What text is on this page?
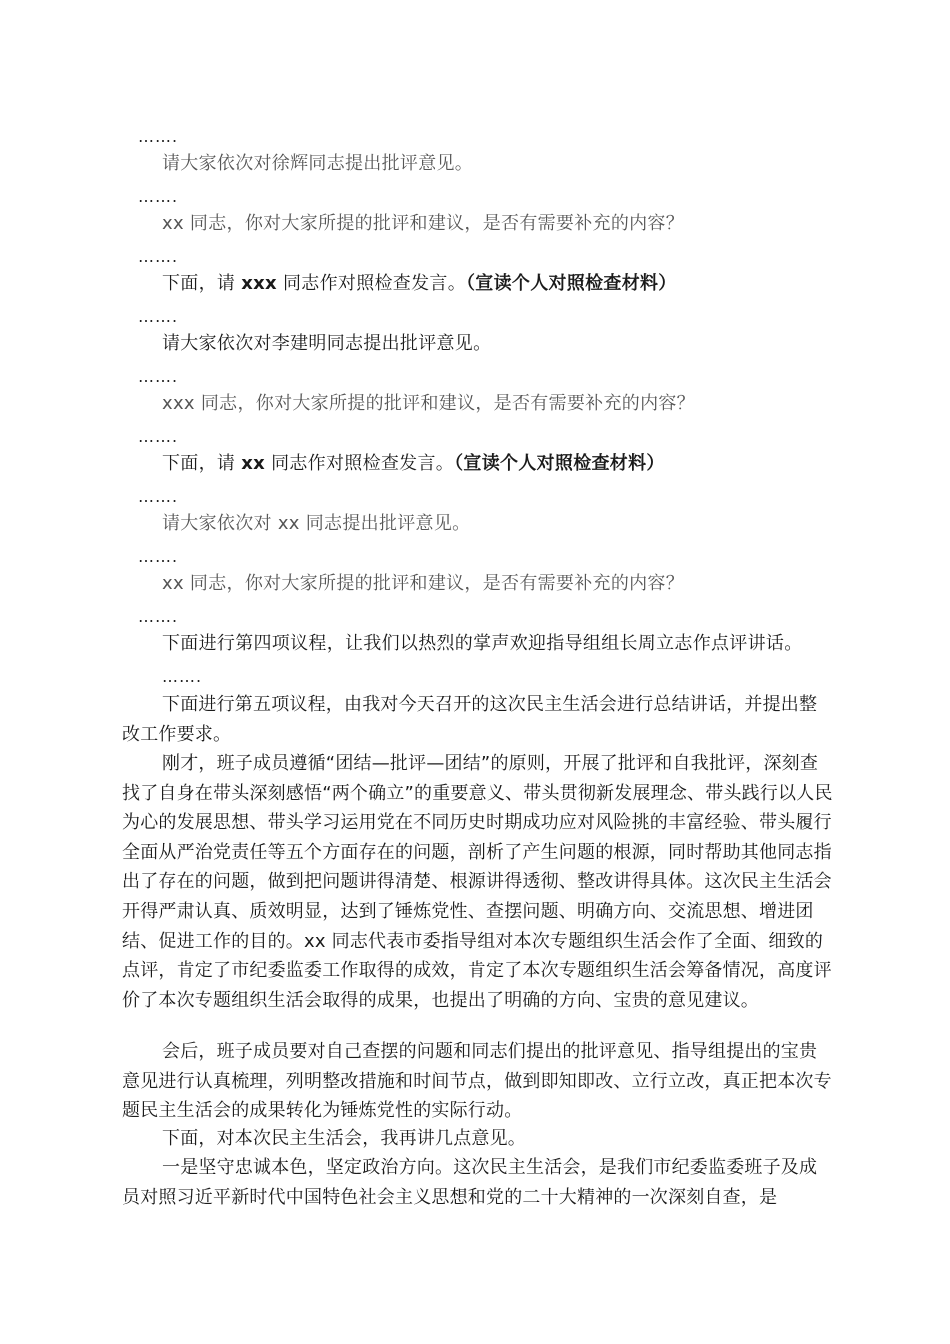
…….
请大家依次对徐辉同志提出批评意见。
…….
xx 同志，你对大家所提的批评和建议，是否有需要补充的内容？
…….
下面，请 xxx 同志作对照检查发言。（宣读个人对照检查材料）
…….
请大家依次对李建明同志提出批评意见。
…….
xxx 同志，你对大家所提的批评和建议，是否有需要补充的内容？
…….
下面，请 xx 同志作对照检查发言。（宣读个人对照检查材料）
…….
请大家依次对 xx 同志提出批评意见。
…….
xx 同志，你对大家所提的批评和建议，是否有需要补充的内容？
…….
下面进行第四项议程，让我们以热烈的掌声欢迎指导组组长周立志作点评讲话。
…….
下面进行第五项议程，由我对今天召开的这次民主生活会进行总结讲话，并提出整改工作要求。
刚才，班子成员遵循“团结—批评—团结”的原则，开展了批评和自我批评，深刻查找了自身在带头深刻感悟“两个确立”的重要意义、带头贯彻新发展理念、带头践行以人民为心的发展思想、带头学习运用党在不同历史时期成功应对风险挑的丰富经验、带头履行全面从严治党责任等五个方面存在的问题，剖析了产生问题的根源，同时帮助其他同志指出了存在的问题，做到把问题讲得清楚、根源讲得透彻、整改讲得具体。这次民主生活会开得严肃认真、质效明显，达到了锤炼党性、查摆问题、明确方向、交流思想、增进团结、促进工作的目的。xx 同志代表市委指导组对本次专题组织生活会作了全面、细致的点评，肯定了市纪委监委工作取得的成效，肯定了本次专题组织生活会筹备情况，高度评价了本次专题组织生活会取得的成果，也提出了明确的方向、宝贵的意见建议。
会后，班子成员要对自己查摆的问题和同志们提出的批评意见、指导组提出的宝贵意见进行认真梳理，列明整改措施和时间节点，做到即知即改、立行立改，真正把本次专题民主生活会的成果转化为锤炼党性的实际行动。
下面，对本次民主生活会，我再讲几点意见。
一是坚守忠诚本色，坚定政治方向。这次民主生活会，是我们市纪委监委班子及成员对照习近平新时代中国特色社会主义思想和党的二十大精神的一次深刻自查，是
